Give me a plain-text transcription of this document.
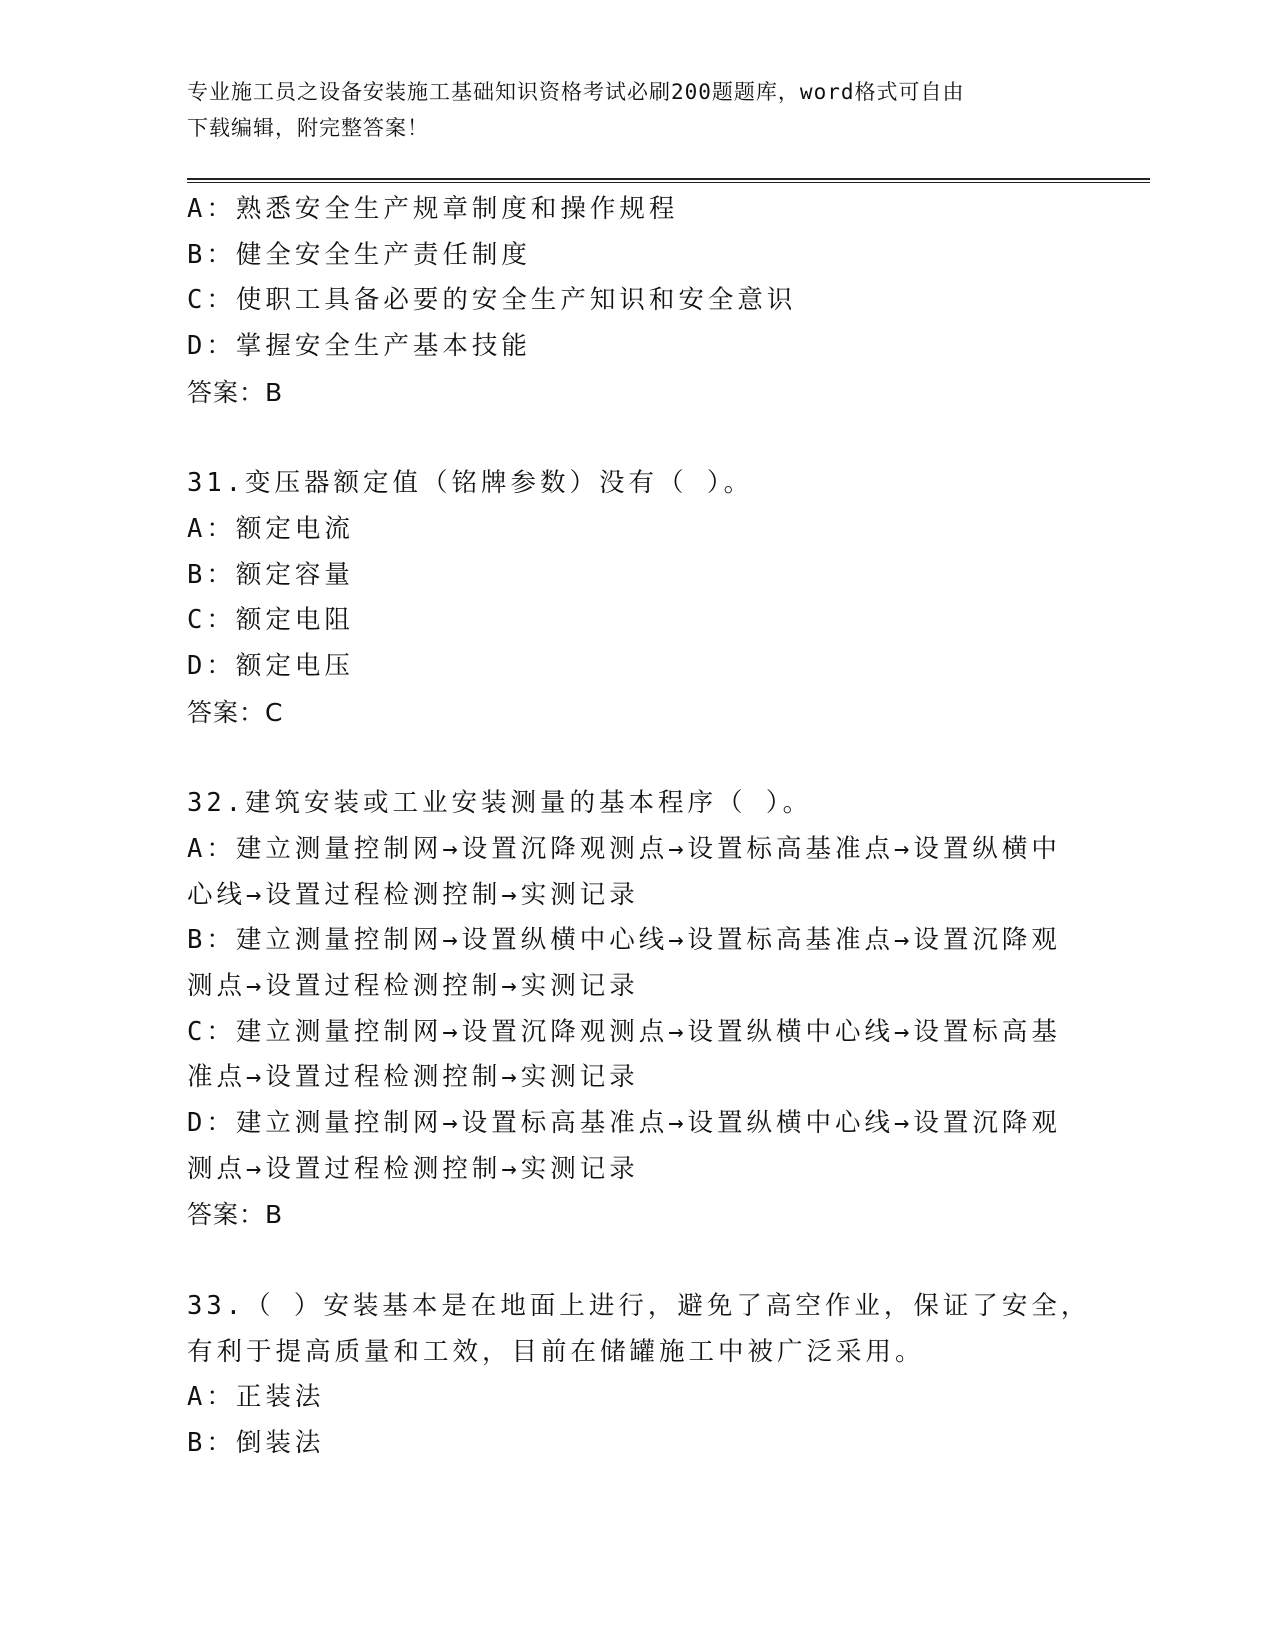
专业施工员之设备安装施工基础知识资格考试必刷200题题库，word格式可自由
下载编辑，附完整答案！
A：熟悉安全生产规章制度和操作规程
B：健全安全生产责任制度
C：使职工具备必要的安全生产知识和安全意识
D：掌握安全生产基本技能
答案：B
31.变压器额定值（铭牌参数）没有（ ）。
A：额定电流
B：额定容量
C：额定电阻
D：额定电压
答案：C
32.建筑安装或工业安装测量的基本程序（ ）。
A：建立测量控制网→设置沉降观测点→设置标高基准点→设置纵横中
心线→设置过程检测控制→实测记录
B：建立测量控制网→设置纵横中心线→设置标高基准点→设置沉降观
测点→设置过程检测控制→实测记录
C：建立测量控制网→设置沉降观测点→设置纵横中心线→设置标高基
准点→设置过程检测控制→实测记录
D：建立测量控制网→设置标高基准点→设置纵横中心线→设置沉降观
测点→设置过程检测控制→实测记录
答案：B
33.（ ）安装基本是在地面上进行，避免了高空作业，保证了安全，
有利于提高质量和工效，目前在储罐施工中被广泛采用。
A：正装法
B：倒装法
